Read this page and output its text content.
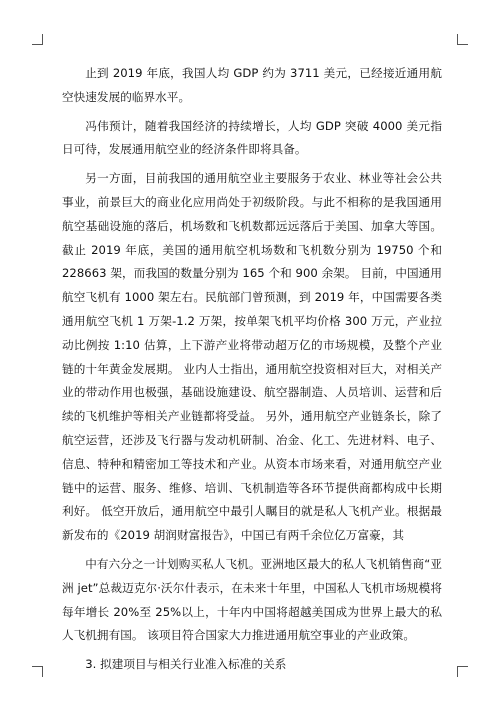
止到 2019 年底，我国人均 GDP 约为 3711 美元，已经接近通用航空快速发展的临界水平。

冯伟预计，随着我国经济的持续增长，人均 GDP 突破 4000 美元指日可待，发展通用航空业的经济条件即将具备。

另一方面，目前我国的通用航空业主要服务于农业、林业等社会公共事业，前景巨大的商业化应用尚处于初级阶段。与此不相称的是我国通用航空基础设施的落后，机场数和飞机数都远远落后于美国、加拿大等国。截止 2019 年底，美国的通用航空机场数和飞机数分别为 19750 个和 228663 架，而我国的数量分别为 165 个和 900 余架。 目前，中国通用航空飞机有 1000 架左右。民航部门曾预测，到 2019 年，中国需要各类通用航空飞机 1 万架-1.2 万架，按单架飞机平均价格 300 万元，产业拉动比例按 1:10 估算，上下游产业将带动超万亿的市场规模，及整个产业链的十年黄金发展期。 业内人士指出，通用航空投资相对巨大，对相关产业的带动作用也极强，基础设施建设、航空器制造、人员培训、运营和后续的飞机维护等相关产业链都将受益。 另外，通用航空产业链条长，除了航空运营，还涉及飞行器与发动机研制、冶金、化工、先进材料、电子、信息、特种和精密加工等技术和产业。从资本市场来看，对通用航空产业链中的运营、服务、维修、培训、飞机制造等各环节提供商都构成中长期利好。 低空开放后，通用航空中最引人瞩目的就是私人飞机产业。根据最新发布的《2019 胡润财富报告》，中国已有两千余位亿万富豪，其

中有六分之一计划购买私人飞机。亚洲地区最大的私人飞机销售商“亚洲 jet”总裁迈克尔·沃尔什表示，在未来十年里，中国私人飞机市场规模将每年增长 20%至 25%以上，十年内中国将超越美国成为世界上最大的私人飞机拥有国。 该项目符合国家大力推进通用航空事业的产业政策。

3. 拟建项目与相关行业准入标准的关系
